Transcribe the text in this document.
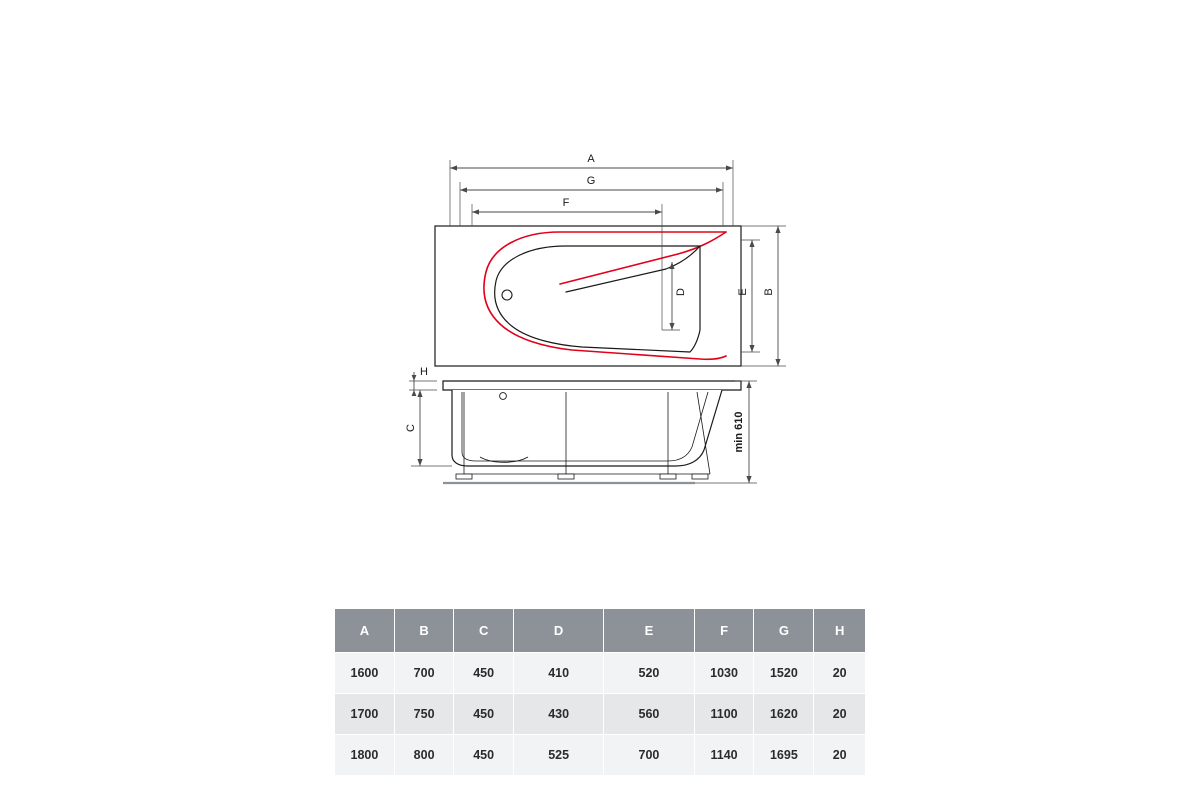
A
G
F
D	E B
H
C	min 610
A	B	C	D	E	F	G	H
1600	700	450	410	520	1030	1520	20
1700	750	450	430	560	1100	1620	20
1800	800	450	525	700	1140	1695	20
